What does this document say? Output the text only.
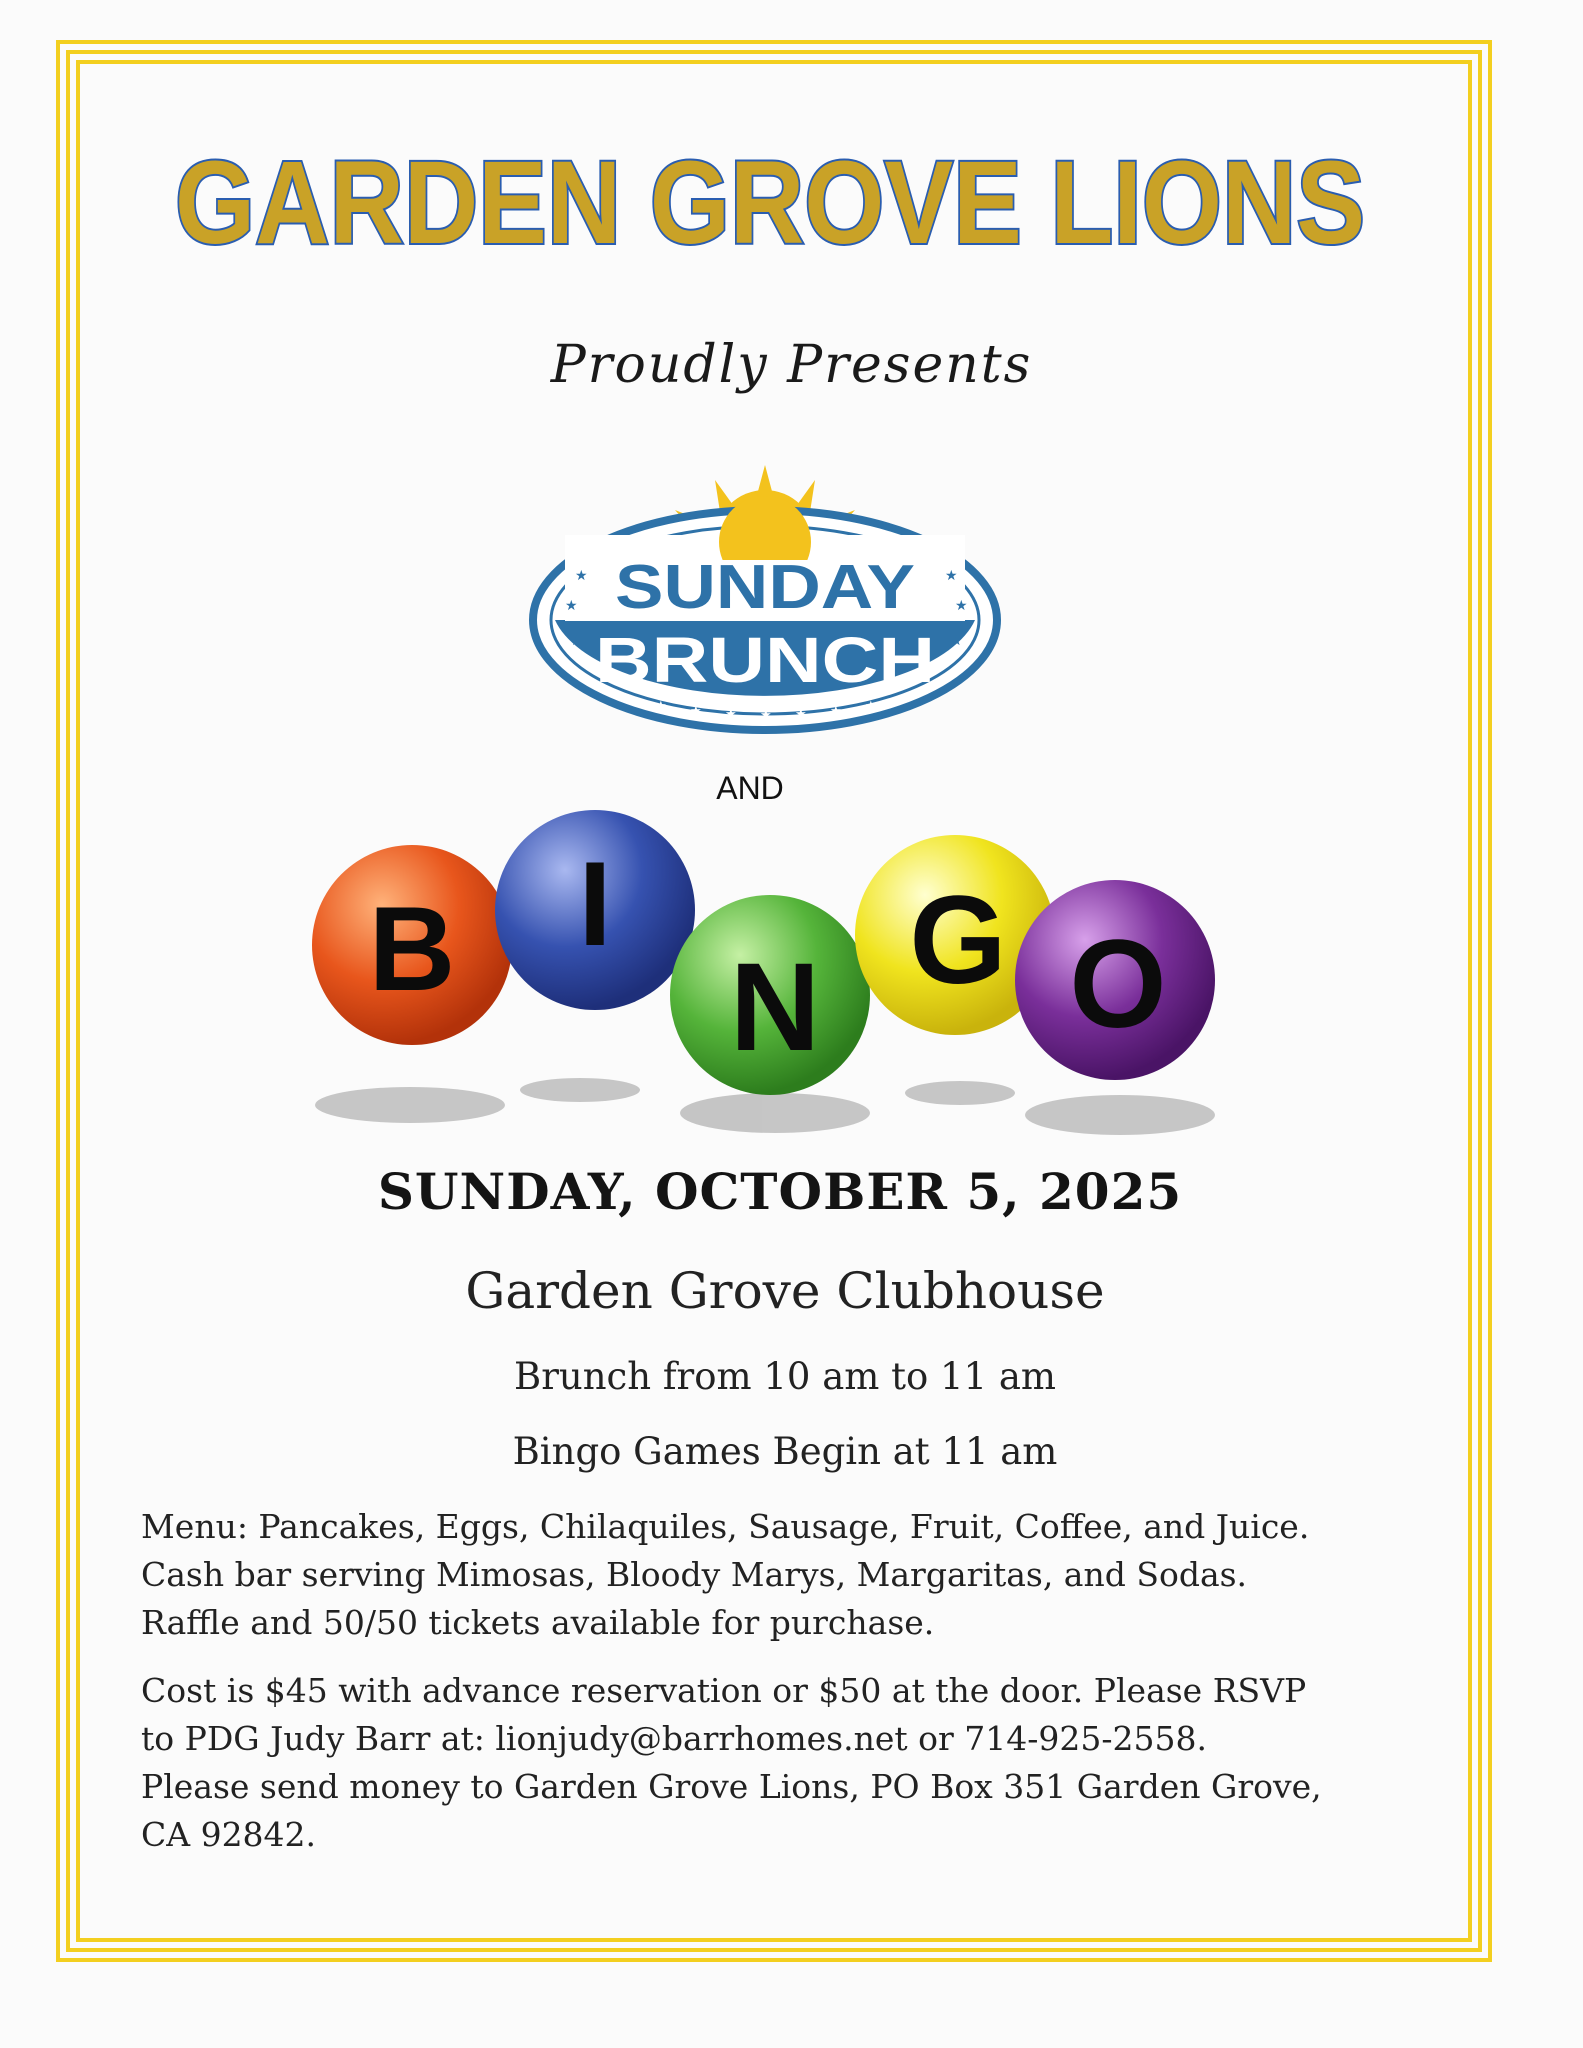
GARDEN GROVE LIONS
Proudly Presents
SUNDAY
BRUNCH
★
★
★
★
★
★
★ ★ ★ ★ ★ ★ ★
AND
B I
N G O
SUNDAY, OCTOBER 5, 2025
Garden Grove Clubhouse
Brunch from 10 am to 11 am
Bingo Games Begin at 11 am
Menu: Pancakes, Eggs, Chilaquiles, Sausage, Fruit, Coffee, and Juice.
Cash bar serving Mimosas, Bloody Marys, Margaritas, and Sodas.
Raffle and 50/50 tickets available for purchase.
Cost is $45 with advance reservation or $50 at the door. Please RSVP
to PDG Judy Barr at: lionjudy@barrhomes.net or 714-925-2558.
Please send money to Garden Grove Lions, PO Box 351 Garden Grove,
CA 92842.
